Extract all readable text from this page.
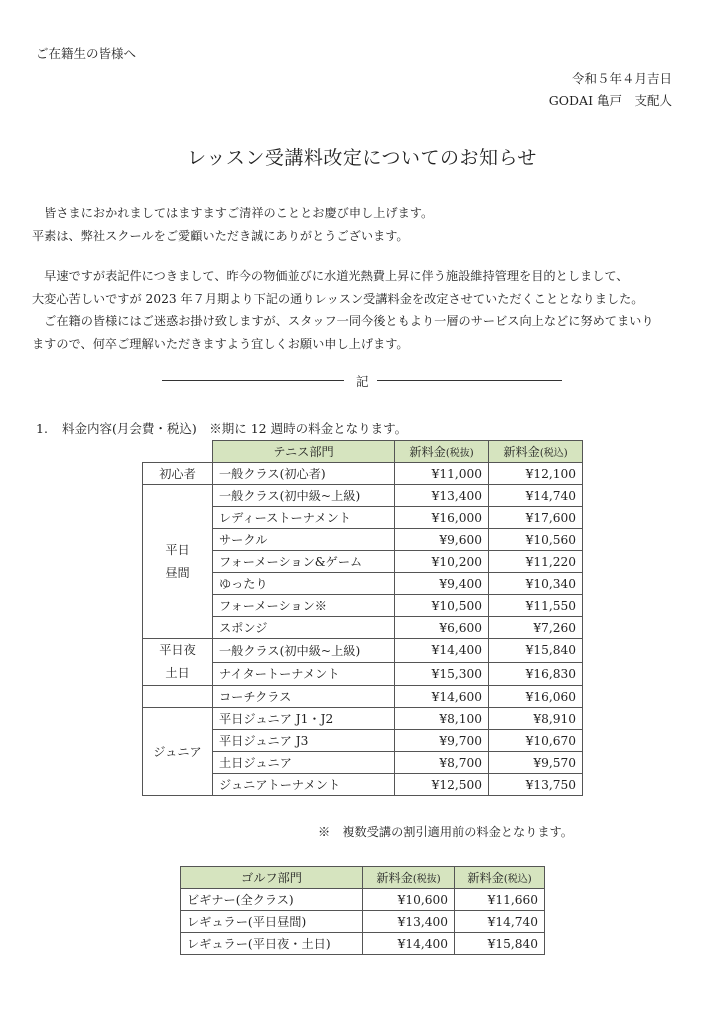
ご在籍生の皆様へ
令和５年４月吉日
GODAI 亀戸　支配人
レッスン受講料改定についてのお知らせ

　皆さまにおかれましてはますますご清祥のこととお慶び申し上げます。

平素は、弊社スクールをご愛顧いただき誠にありがとうございます。

　早速ですが表記件につきまして、昨今の物価並びに水道光熱費上昇に伴う施設維持管理を目的としまして、

大変心苦しいですが 2023 年７月期より下記の通りレッスン受講料金を改定させていただくこととなりました。

　ご在籍の皆様にはご迷惑お掛け致しますが、スタッフ一同今後ともより一層のサービス向上などに努めてまいり

ますので、何卒ご理解いただきますよう宜しくお願い申し上げます。

記
1. 料金内容(月会費・税込)　※期に 12 週時の料金となります。
	テニス部門	新料金(税抜)	新料金(税込)
初心者	一般クラス(初心者)	¥11,000	¥12,100

平日
昼間	一般クラス(初中級~上級)	¥13,400	¥14,740
	レディーストーナメント	¥16,000	¥17,600
	サークル	¥9,600	¥10,560
	フォーメーション&ゲーム	¥10,200	¥11,220
	ゆったり	¥9,400	¥10,340
	フォーメーション※	¥10,500	¥11,550
	スポンジ	¥6,600	¥7,260

平日夜
土日	一般クラス(初中級~上級)	¥14,400	¥15,840
	ナイタートーナメント	¥15,300	¥16,830
	コーチクラス	¥14,600	¥16,060
ジュニア	平日ジュニア J1・J2	¥8,100	¥8,910
	平日ジュニア J3	¥9,700	¥10,670
	土日ジュニア	¥8,700	¥9,570
	ジュニアトーナメント	¥12,500	¥13,750
※　複数受講の割引適用前の料金となります。
ゴルフ部門	新料金(税抜)	新料金(税込)
ビギナー(全クラス)	¥10,600	¥11,660
レギュラー(平日昼間)	¥13,400	¥14,740
レギュラー(平日夜・土日)	¥14,400	¥15,840
